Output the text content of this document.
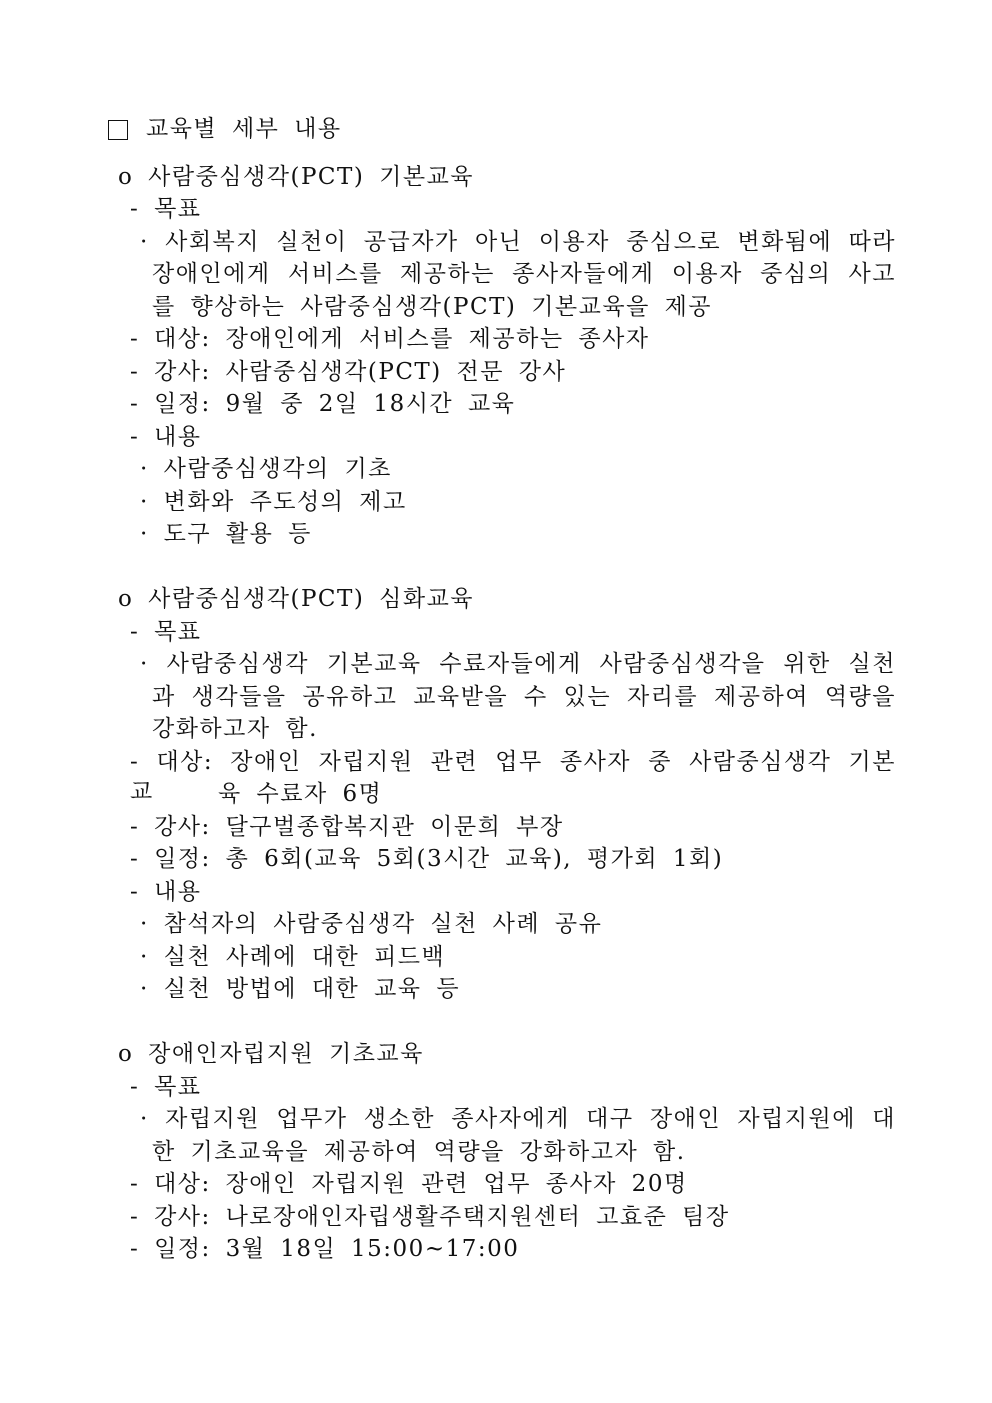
교육별 세부 내용
o 사람중심생각(PCT) 기본교육
- 목표
· 사회복지 실천이 공급자가 아닌 이용자 중심으로 변화됨에 따라
장애인에게 서비스를 제공하는 종사자들에게 이용자 중심의 사고
를 향상하는 사람중심생각(PCT) 기본교육을 제공
- 대상: 장애인에게 서비스를 제공하는 종사자
- 강사: 사람중심생각(PCT) 전문 강사
- 일정: 9월 중 2일 18시간 교육
- 내용
· 사람중심생각의 기초
· 변화와 주도성의 제고
· 도구 활용 등
o 사람중심생각(PCT) 심화교육
- 목표
· 사람중심생각 기본교육 수료자들에게 사람중심생각을 위한 실천
과 생각들을 공유하고 교육받을 수 있는 자리를 제공하여 역량을
강화하고자 함.
- 대상: 장애인 자립지원 관련 업무 종사자 중 사람중심생각 기본교	육 수료자 6명
- 강사: 달구벌종합복지관 이문희 부장
- 일정: 총 6회(교육 5회(3시간 교육), 평가회 1회)
- 내용
· 참석자의 사람중심생각 실천 사례 공유
· 실천 사례에 대한 피드백
· 실천 방법에 대한 교육 등
o 장애인자립지원 기초교육
- 목표
· 자립지원 업무가 생소한 종사자에게 대구 장애인 자립지원에 대
한 기초교육을 제공하여 역량을 강화하고자 함.
- 대상: 장애인 자립지원 관련 업무 종사자 20명
- 강사: 나로장애인자립생활주택지원센터 고효준 팀장
- 일정: 3월 18일 15:00~17:00
